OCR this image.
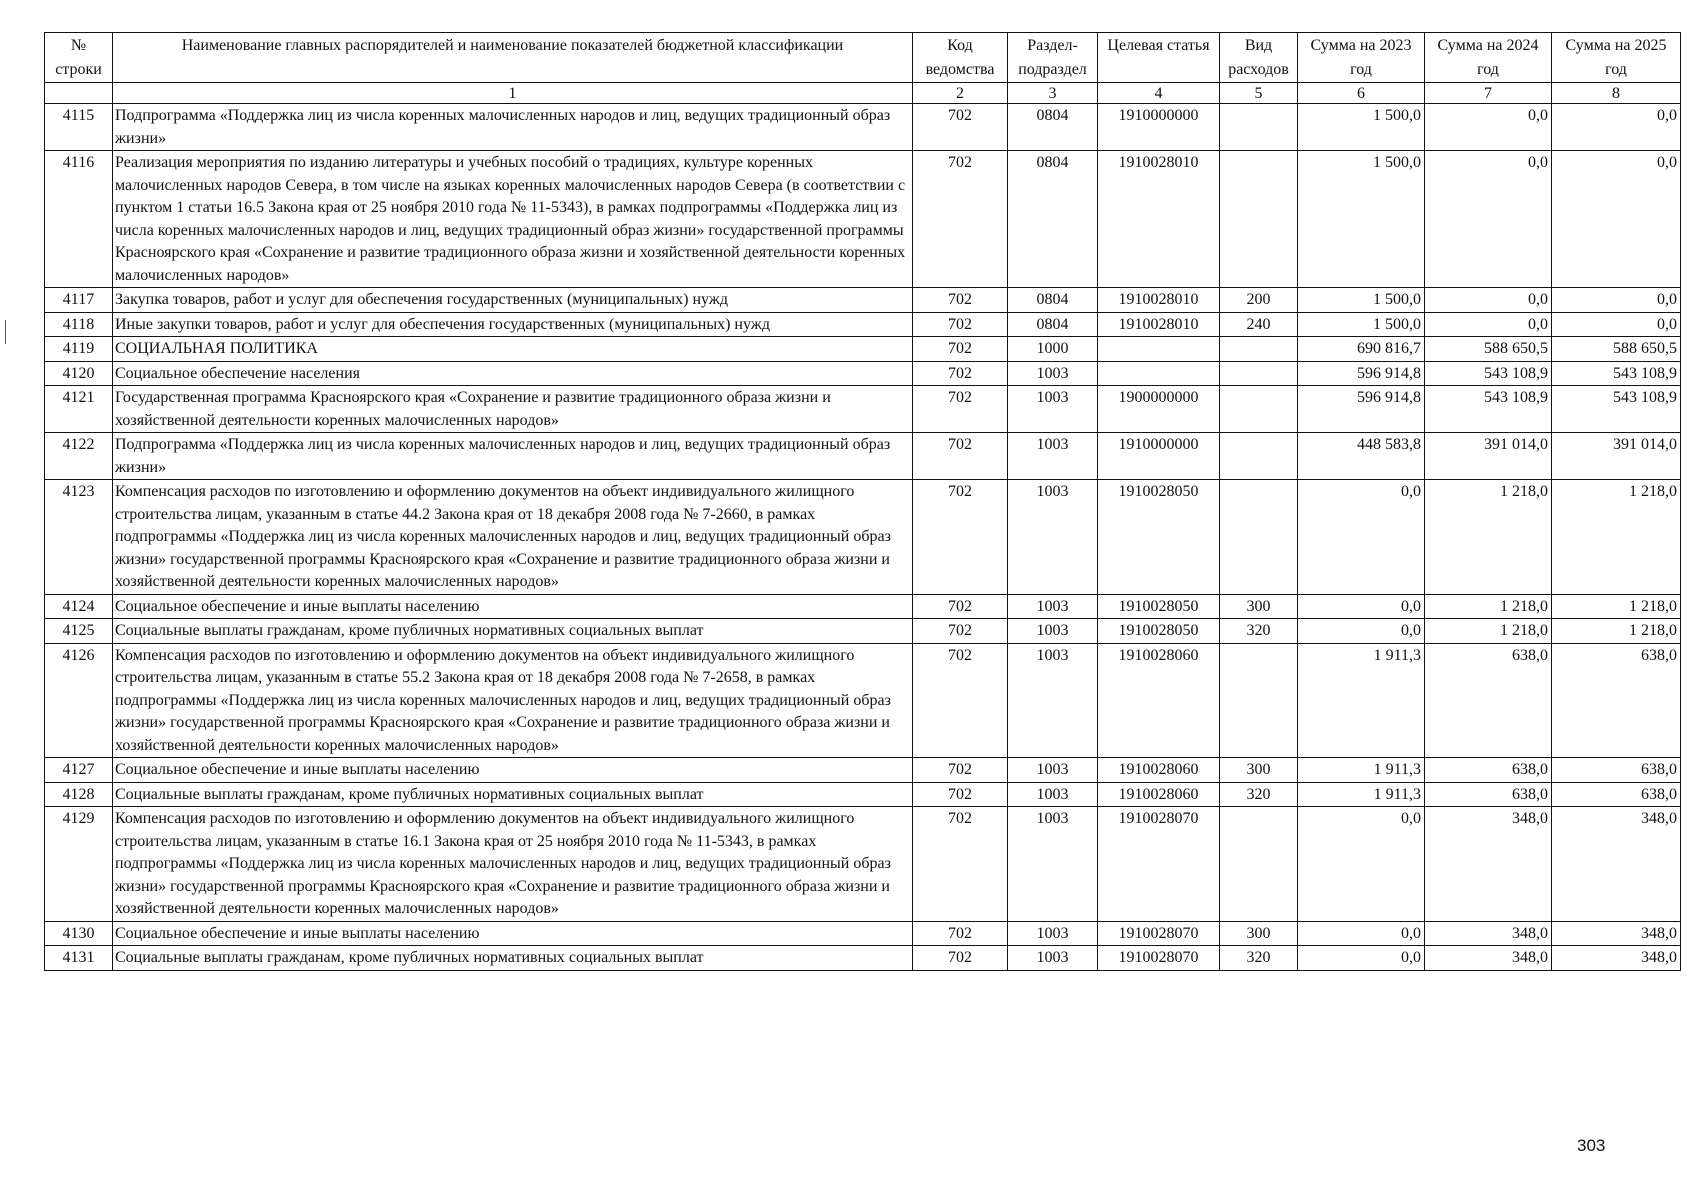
№ строки	Наименование главных распорядителей и наименование показателей бюджетной классификации	Код ведомства	Раздел-подраздел	Целевая статья	Вид расходов	Сумма на 2023 год	Сумма на 2024 год	Сумма на 2025 год
	1	2	3	4	5	6	7	8
4115	Подпрограмма «Поддержка лиц из числа коренных малочисленных народов и лиц, ведущих традиционный образ жизни»	702	0804	1910000000		1 500,0	0,0	0,0
4116	Реализация мероприятия по изданию литературы и учебных пособий о традициях, культуре коренных малочисленных народов Севера, в том числе на языках коренных малочисленных народов Севера (в соответствии с пунктом 1 статьи 16.5 Закона края от 25 ноября 2010 года № 11-5343), в рамках подпрограммы «Поддержка лиц из числа коренных малочисленных народов и лиц, ведущих традиционный образ жизни» государственной программы Красноярского края «Сохранение и развитие традиционного образа жизни и хозяйственной деятельности коренных малочисленных народов»	702	0804	1910028010		1 500,0	0,0	0,0
4117	Закупка товаров, работ и услуг для обеспечения государственных (муниципальных) нужд	702	0804	1910028010	200	1 500,0	0,0	0,0
4118	Иные закупки товаров, работ и услуг для обеспечения государственных (муниципальных) нужд	702	0804	1910028010	240	1 500,0	0,0	0,0
4119	СОЦИАЛЬНАЯ ПОЛИТИКА	702	1000			690 816,7	588 650,5	588 650,5
4120	Социальное обеспечение населения	702	1003			596 914,8	543 108,9	543 108,9
4121	Государственная программа Красноярского края «Сохранение и развитие традиционного образа жизни и хозяйственной деятельности коренных малочисленных народов»	702	1003	1900000000		596 914,8	543 108,9	543 108,9
4122	Подпрограмма «Поддержка лиц из числа коренных малочисленных народов и лиц, ведущих традиционный образ жизни»	702	1003	1910000000		448 583,8	391 014,0	391 014,0
4123	Компенсация расходов по изготовлению и оформлению документов на объект индивидуального жилищного строительства лицам, указанным в статье 44.2 Закона края от 18 декабря 2008 года № 7-2660, в рамках подпрограммы «Поддержка лиц из числа коренных малочисленных народов и лиц, ведущих традиционный образ жизни» государственной программы Красноярского края «Сохранение и развитие традиционного образа жизни и хозяйственной деятельности коренных малочисленных народов»	702	1003	1910028050		0,0	1 218,0	1 218,0
4124	Социальное обеспечение и иные выплаты населению	702	1003	1910028050	300	0,0	1 218,0	1 218,0
4125	Социальные выплаты гражданам, кроме публичных нормативных социальных выплат	702	1003	1910028050	320	0,0	1 218,0	1 218,0
4126	Компенсация расходов по изготовлению и оформлению документов на объект индивидуального жилищного строительства лицам, указанным в статье 55.2 Закона края от 18 декабря 2008 года № 7-2658, в рамках подпрограммы «Поддержка лиц из числа коренных малочисленных народов и лиц, ведущих традиционный образ жизни» государственной программы Красноярского края «Сохранение и развитие традиционного образа жизни и хозяйственной деятельности коренных малочисленных народов»	702	1003	1910028060		1 911,3	638,0	638,0
4127	Социальное обеспечение и иные выплаты населению	702	1003	1910028060	300	1 911,3	638,0	638,0
4128	Социальные выплаты гражданам, кроме публичных нормативных социальных выплат	702	1003	1910028060	320	1 911,3	638,0	638,0
4129	Компенсация расходов по изготовлению и оформлению документов на объект индивидуального жилищного строительства лицам, указанным в статье 16.1 Закона края от 25 ноября 2010 года № 11-5343, в рамках подпрограммы «Поддержка лиц из числа коренных малочисленных народов и лиц, ведущих традиционный образ жизни» государственной программы Красноярского края «Сохранение и развитие традиционного образа жизни и хозяйственной деятельности коренных малочисленных народов»	702	1003	1910028070		0,0	348,0	348,0
4130	Социальное обеспечение и иные выплаты населению	702	1003	1910028070	300	0,0	348,0	348,0
4131	Социальные выплаты гражданам, кроме публичных нормативных социальных выплат	702	1003	1910028070	320	0,0	348,0	348,0
303
